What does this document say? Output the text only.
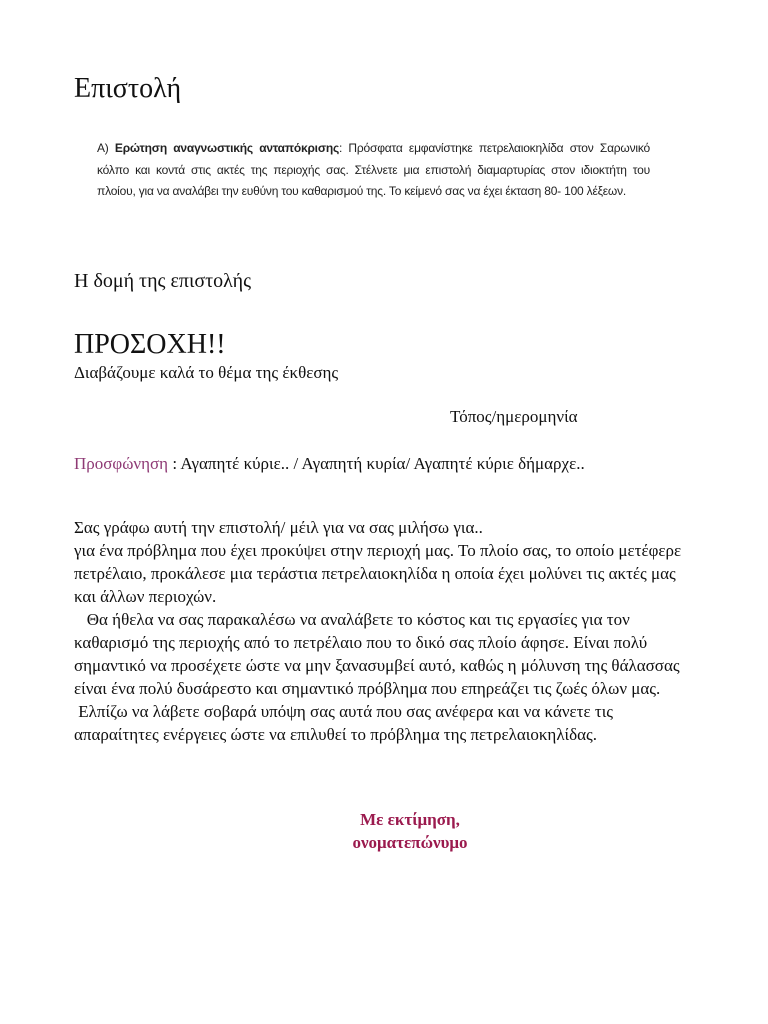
Επιστολή
Α) Ερώτηση αναγνωστικής ανταπόκρισης: Πρόσφατα εμφανίστηκε πετρελαιοκηλίδα στον Σαρωνικό κόλπο και κοντά στις ακτές της περιοχής σας. Στέλνετε μια επιστολή διαμαρτυρίας στον ιδιοκτήτη του πλοίου, για να αναλάβει την ευθύνη του καθαρισμού της. Το κείμενό σας να έχει έκταση 80- 100 λέξεων.
Η δομή της επιστολής
ΠΡΟΣΟΧΗ!!
Διαβάζουμε καλά το θέμα της έκθεσης
Τόπος/ημερομηνία
Προσφώνηση : Αγαπητέ κύριε.. / Αγαπητή κυρία/ Αγαπητέ κύριε δήμαρχε..

Σας γράφω αυτή την επιστολή/ μέιλ για να σας μιλήσω για..

για ένα πρόβλημα που έχει προκύψει στην περιοχή μας. Το πλοίο σας, το οποίο μετέφερε πετρέλαιο, προκάλεσε μια τεράστια πετρελαιοκηλίδα η οποία έχει μολύνει τις ακτές μας και άλλων περιοχών.

Θα ήθελα να σας παρακαλέσω να αναλάβετε το κόστος και τις εργασίες για τον καθαρισμό της περιοχής από το πετρέλαιο που το δικό σας πλοίο άφησε. Είναι πολύ σημαντικό να προσέχετε ώστε να μην ξανασυμβεί αυτό, καθώς η μόλυνση της θάλασσας είναι ένα πολύ δυσάρεστο και σημαντικό πρόβλημα που επηρεάζει τις ζωές όλων μας.

Ελπίζω να λάβετε σοβαρά υπόψη σας αυτά που σας ανέφερα και να κάνετε τις απαραίτητες ενέργειες ώστε να επιλυθεί το πρόβλημα της πετρελαιοκηλίδας.

Με εκτίμηση,
ονοματεπώνυμο
